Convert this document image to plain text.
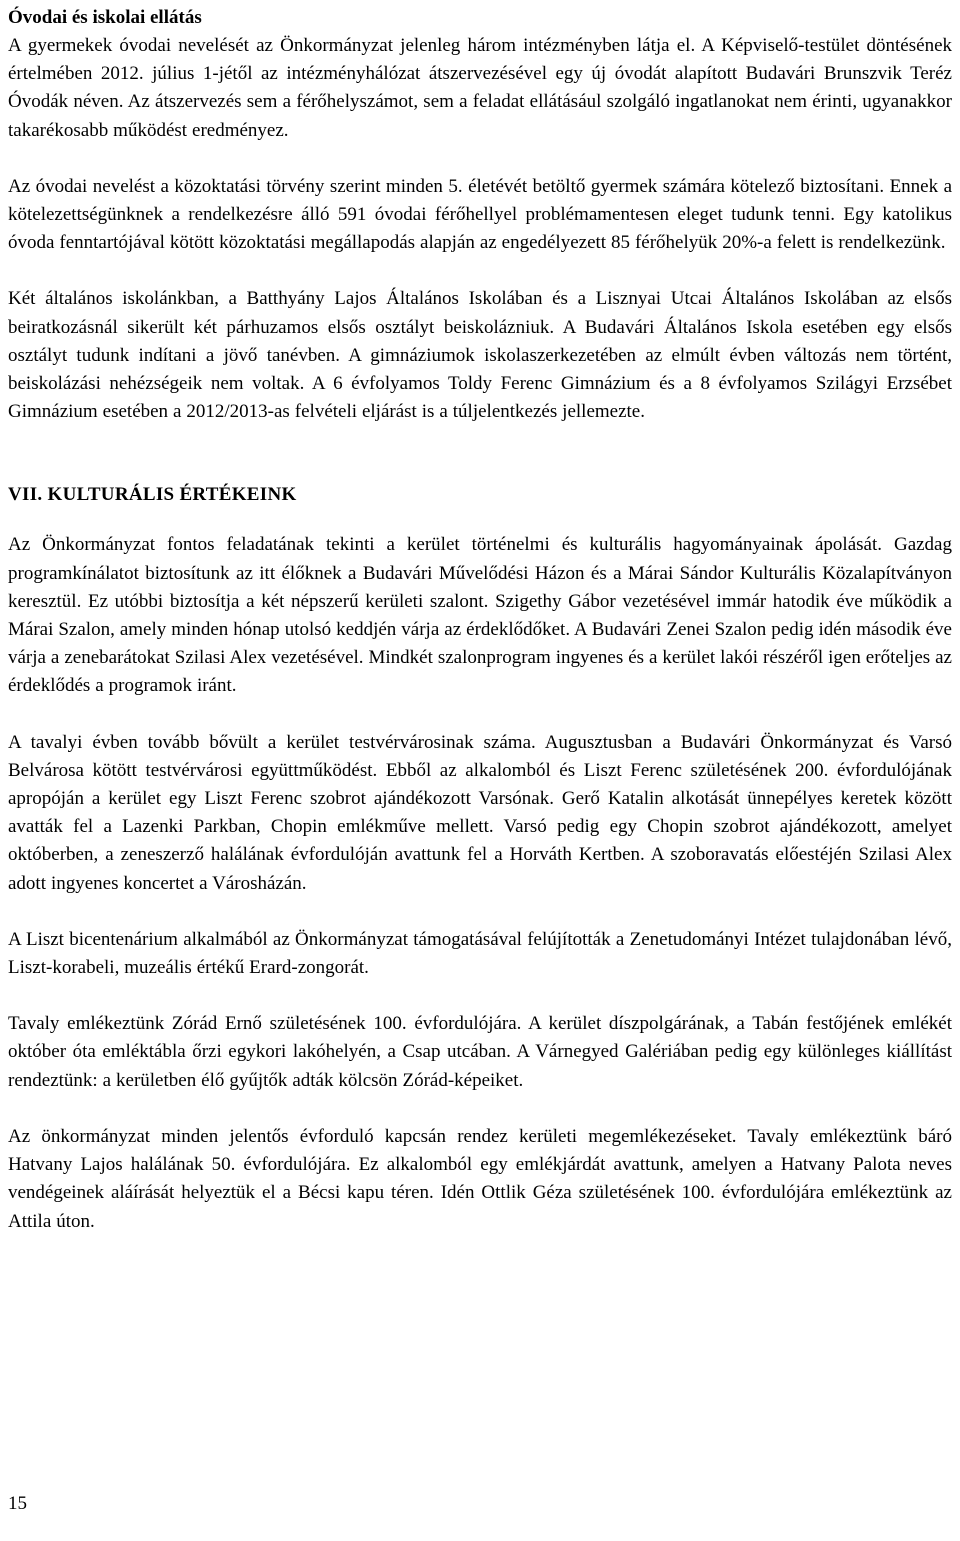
Óvodai és iskolai ellátás

A gyermekek óvodai nevelését az Önkormányzat jelenleg három intézményben látja el. A Képviselő-testület döntésének értelmében 2012. július 1-jétől az intézményhálózat átszervezésével egy új óvodát alapított Budavári Brunszvik Teréz Óvodák néven. Az átszervezés sem a férőhelyszámot, sem a feladat ellátásául szolgáló ingatlanokat nem érinti, ugyanakkor takarékosabb működést eredményez.

Az óvodai nevelést a közoktatási törvény szerint minden 5. életévét betöltő gyermek számára kötelező biztosítani. Ennek a kötelezettségünknek a rendelkezésre álló 591 óvodai férőhellyel problémamentesen eleget tudunk tenni. Egy katolikus óvoda fenntartójával kötött közoktatási megállapodás alapján az engedélyezett 85 férőhelyük 20%-a felett is rendelkezünk.

Két általános iskolánkban, a Batthyány Lajos Általános Iskolában és a Lisznyai Utcai Általános Iskolában az elsős beiratkozásnál sikerült két párhuzamos elsős osztályt beiskolázniuk. A Budavári Általános Iskola esetében egy elsős osztályt tudunk indítani a jövő tanévben. A gimnáziumok iskolaszerkezetében az elmúlt évben változás nem történt, beiskolázási nehézségeik nem voltak. A 6 évfolyamos Toldy Ferenc Gimnázium és a 8 évfolyamos Szilágyi Erzsébet Gimnázium esetében a 2012/2013-as felvételi eljárást is a túljelentkezés jellemezte.

VII. KULTURÁLIS ÉRTÉKEINK

Az Önkormányzat fontos feladatának tekinti a kerület történelmi és kulturális hagyományainak ápolását. Gazdag programkínálatot biztosítunk az itt élőknek a Budavári Művelődési Házon és a Márai Sándor Kulturális Közalapítványon keresztül. Ez utóbbi biztosítja a két népszerű kerületi szalont. Szigethy Gábor vezetésével immár hatodik éve működik a Márai Szalon, amely minden hónap utolsó keddjén várja az érdeklődőket. A Budavári Zenei Szalon pedig idén második éve várja a zenebarátokat Szilasi Alex vezetésével. Mindkét szalonprogram ingyenes és a kerület lakói részéről igen erőteljes az érdeklődés a programok iránt.

A tavalyi évben tovább bővült a kerület testvérvárosinak száma. Augusztusban a Budavári Önkormányzat és Varsó Belvárosa kötött testvérvárosi együttműködést. Ebből az alkalomból és Liszt Ferenc születésének 200. évfordulójának apropóján a kerület egy Liszt Ferenc szobrot ajándékozott Varsónak. Gerő Katalin alkotását ünnepélyes keretek között avatták fel a Lazenki Parkban, Chopin emlékműve mellett. Varsó pedig egy Chopin szobrot ajándékozott, amelyet októberben, a zeneszerző halálának évfordulóján avattunk fel a Horváth Kertben. A szoboravatás előestéjén Szilasi Alex adott ingyenes koncertet a Városházán.

A Liszt bicentenárium alkalmából az Önkormányzat támogatásával felújították a Zenetudományi Intézet tulajdonában lévő, Liszt-korabeli, muzeális értékű Erard-zongorát.

Tavaly emlékeztünk Zórád Ernő születésének 100. évfordulójára. A kerület díszpolgárának, a Tabán festőjének emlékét október óta emléktábla őrzi egykori lakóhelyén, a Csap utcában. A Várnegyed Galériában pedig egy különleges kiállítást rendeztünk: a kerületben élő gyűjtők adták kölcsön Zórád-képeiket.

Az önkormányzat minden jelentős évforduló kapcsán rendez kerületi megemlékezéseket. Tavaly emlékeztünk báró Hatvany Lajos halálának 50. évfordulójára. Ez alkalomból egy emlékjárdát avattunk, amelyen a Hatvany Palota neves vendégeinek aláírását helyeztük el a Bécsi kapu téren. Idén Ottlik Géza születésének 100. évfordulójára emlékeztünk az Attila úton.

15
